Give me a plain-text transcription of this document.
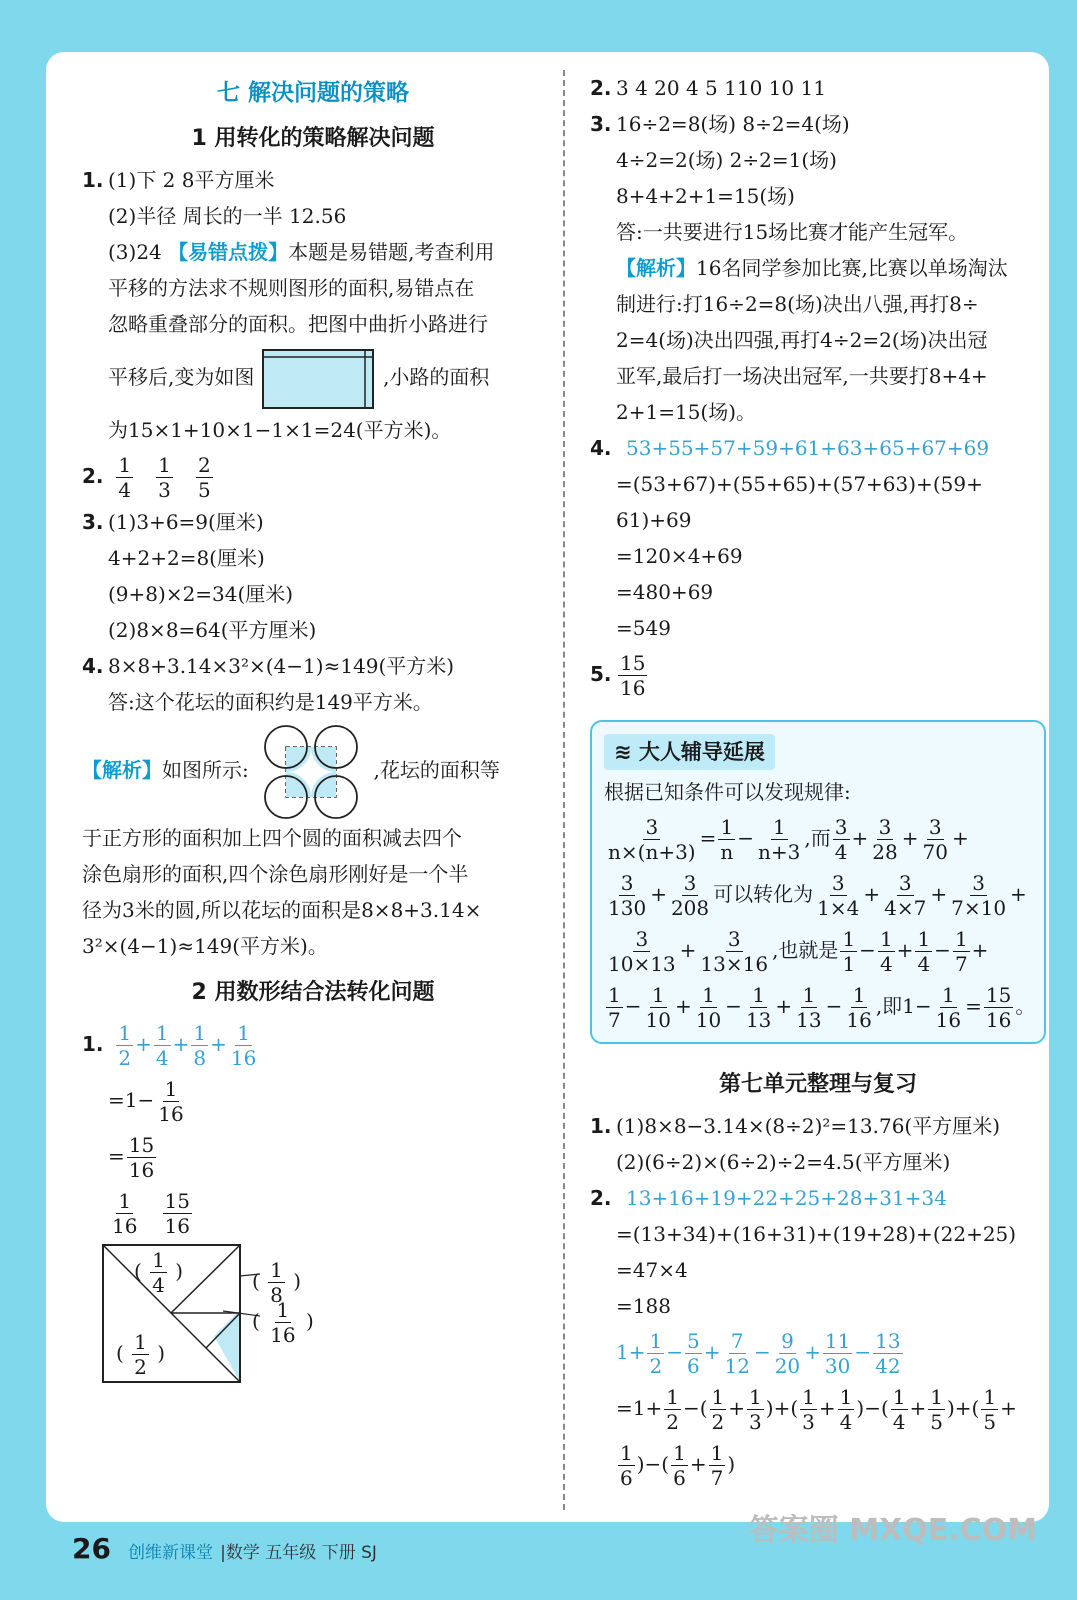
七 解决问题的策略
1 用转化的策略解决问题
1. (1)下 2 8平方厘米
(2)半径 周长的一半 12.56
(3)24 【易错点拨】本题是易错题,考查利用
平移的方法求不规则图形的面积,易错点在
忽略重叠部分的面积。把图中曲折小路进行
平移后,变为如图	,小路的面积
为15×1+10×1−1×1=24(平方米)。
2. $\frac{1}{4}$
$\frac{1}{3}$
$\frac{2}{5}$
3. (1)3+6=9(厘米)
4+2+2=8(厘米)
(9+8)×2=34(厘米)
(2)8×8=64(平方厘米)
4. 8×8+3.14×3²×(4−1)≈149(平方米)
答:这个花坛的面积约是149平方米。
【解析】如图所示:	,花坛的面积等
于正方形的面积加上四个圆的面积减去四个
涂色扇形的面积,四个涂色扇形刚好是一个半
径为3米的圆,所以花坛的面积是8×8+3.14×
3²×(4−1)≈149(平方米)。
2 用数形结合法转化问题
1. $\frac{1}{2} + \frac{1}{4} + \frac{1}{8} + \frac{1}{16}$
$=1- \frac{1}{16}$
= $\frac{15}{16}$
$\frac{1}{16}$
$\frac{15}{16}$
( $\frac{1}{4}$ )	( $\frac{1}{8}$ )
( $\frac{1}{16}$ )
( $\frac{1}{2}$ )
2. 3 4 20 4 5 110 10 11
3. 16÷2=8(场) 8÷2=4(场)
4÷2=2(场) 2÷2=1(场)
8+4+2+1=15(场)
答:一共要进行15场比赛才能产生冠军。
【解析】16名同学参加比赛,比赛以单场淘汰
制进行:打16÷2=8(场)决出八强,再打8÷
2=4(场)决出四强,再打4÷2=2(场)决出冠
亚军,最后打一场决出冠军,一共要打8+4+
2+1=15(场)。
4. 53+55+57+59+61+63+65+67+69
=(53+67)+(55+65)+(57+63)+(59+
61)+69
=120×4+69
=480+69
=549
5. $\frac{15}{16}$
≋ 大人辅导延展
根据已知条件可以发现规律:
$\frac{3}{n\times(n+3)} = \frac{1}{n} - \frac{1}{n+3}$ ,而 $\frac{3}{4} + \frac{3}{28} + \frac{3}{70}$ +
$\frac{3}{130} + \frac{3}{208}$ 可以转化为 $\frac{3}{1\times 4} + \frac{3}{4\times 7} + \frac{3}{7\times 10}$ +
$\frac{3}{10\times 13} + \frac{3}{13\times 16}$ ,也就是 $\frac{1}{1} - \frac{1}{4} + \frac{1}{4} - \frac{1}{7}$ +
$\frac{1}{7} - \frac{1}{10} + \frac{1}{10} - \frac{1}{13} + \frac{1}{13} - \frac{1}{16}$ ,即$1- \frac{1}{16} = \frac{15}{16}$ 。
第七单元整理与复习
1. (1)8×8−3.14×(8÷2)²=13.76(平方厘米)
(2)(6÷2)×(6÷2)÷2=4.5(平方厘米)
2. 13+16+19+22+25+28+31+34
=(13+34)+(16+31)+(19+28)+(22+25)
=47×4
=188
$1+ \frac{1}{2} - \frac{5}{6} + \frac{7}{12} - \frac{9}{20} + \frac{11}{30} - \frac{13}{42}$
$=1+ \frac{1}{2}$ −( $\frac{1}{2} + \frac{1}{3}$ )+( $\frac{1}{3} + \frac{1}{4}$ )−( $\frac{1}{4} + \frac{1}{5}$ )+( $\frac{1}{5}$ +
$\frac{1}{6}$ )−( $\frac{1}{6} + \frac{1}{7}$ )
26 创维新课堂 |数学 五年级 下册 SJ
答案圈 MXQE.COM
